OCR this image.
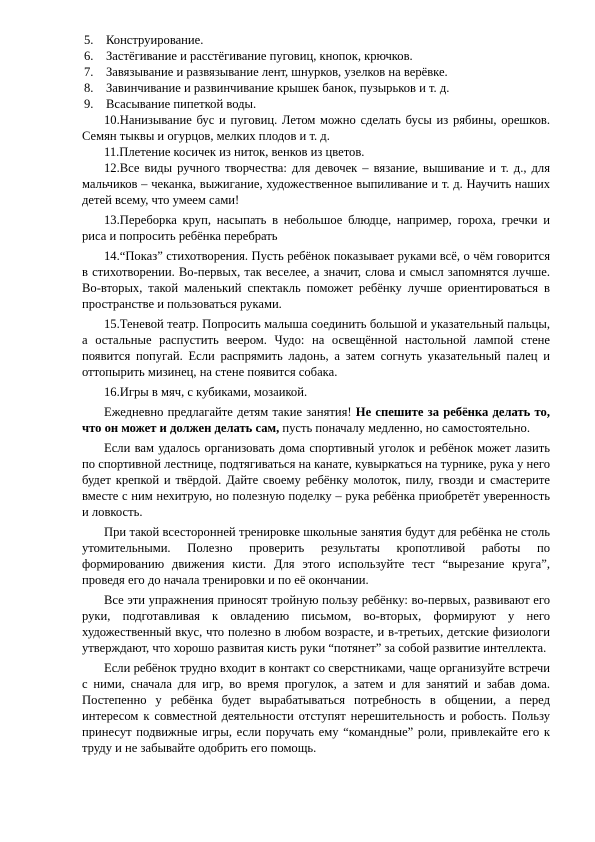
5. Конструирование.
6. Застёгивание и расстёгивание пуговиц, кнопок, крючков.
7. Завязывание и развязывание лент, шнурков, узелков на верёвке.
8. Завинчивание и развинчивание крышек банок, пузырьков и т. д.
9. Всасывание пипеткой воды.

10.Нанизывание бус и пуговиц. Летом можно сделать бусы из рябины, орешков. Семян тыквы и огурцов, мелких плодов и т. д.

11.Плетение косичек из ниток, венков из цветов.

12.Все виды ручного творчества: для девочек – вязание, вышивание и т. д., для мальчиков – чеканка, выжигание, художественное выпиливание и т. д. Научить наших детей всему, что умеем сами!

13.Переборка круп, насыпать в небольшое блюдце, например, гороха, гречки и риса и попросить ребёнка перебрать

14.“Показ” стихотворения. Пусть ребёнок показывает руками всё, о чём говорится в стихотворении. Во-первых, так веселее, а значит, слова и смысл запомнятся лучше. Во-вторых, такой маленький спектакль поможет ребёнку лучше ориентироваться в пространстве и пользоваться руками.

15.Теневой театр. Попросить малыша соединить большой и указательный пальцы, а остальные распустить веером. Чудо: на освещённой настольной лампой стене появится попугай. Если распрямить ладонь, а затем согнуть указательный палец и оттопырить мизинец, на стене появится собака.

16.Игры в мяч, с кубиками, мозаикой.

Ежедневно предлагайте детям такие занятия! Не спешите за ребёнка делать то, что он может и должен делать сам, пусть поначалу медленно, но самостоятельно.

Если вам удалось организовать дома спортивный уголок и ребёнок может лазить по спортивной лестнице, подтягиваться на канате, кувыркаться на турнике, рука у него будет крепкой и твёрдой. Дайте своему ребёнку молоток, пилу, гвозди и смастерите вместе с ним нехитрую, но полезную поделку – рука ребёнка приобретёт уверенность и ловкость.

При такой всесторонней тренировке школьные занятия будут для ребёнка не столь утомительными. Полезно проверить результаты кропотливой работы по формированию движения кисти. Для этого используйте тест “вырезание круга”, проведя его до начала тренировки и по её окончании.

Все эти упражнения приносят тройную пользу ребёнку: во-первых, развивают его руки, подготавливая к овладению письмом, во-вторых, формируют у него художественный вкус, что полезно в любом возрасте, и в-третьих, детские физиологи утверждают, что хорошо развитая кисть руки “потянет” за собой развитие интеллекта.

Если ребёнок трудно входит в контакт со сверстниками, чаще организуйте встречи с ними, сначала для игр, во время прогулок, а затем и для занятий и забав дома. Постепенно у ребёнка будет вырабатываться потребность в общении, а перед интересом к совместной деятельности отступят нерешительность и робость. Пользу принесут подвижные игры, если поручать ему “командные” роли, привлекайте его к труду и не забывайте одобрить его помощь.
